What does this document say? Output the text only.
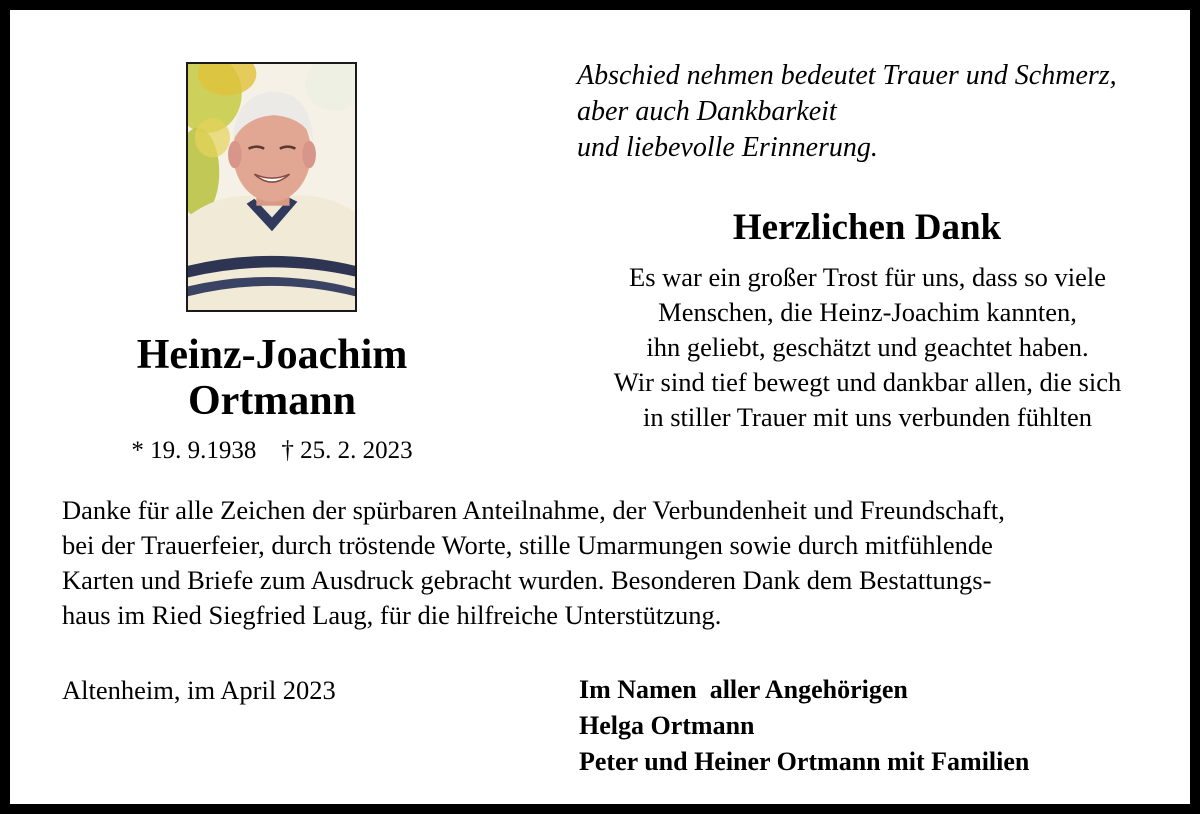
Heinz-Joachim
Ortmann
* 19. 9.1938    † 25. 2. 2023
Abschied nehmen bedeutet Trauer und Schmerz,
aber auch Dankbarkeit
und liebevolle Erinnerung.
Herzlichen Dank
Es war ein großer Trost für uns, dass so viele
Menschen, die Heinz-Joachim kannten,
ihn geliebt, geschätzt und geachtet haben.
Wir sind tief bewegt und dankbar allen, die sich
in stiller Trauer mit uns verbunden fühlten
Danke für alle Zeichen der spürbaren Anteilnahme, der Verbundenheit und Freundschaft,
bei der Trauerfeier, durch tröstende Worte, stille Umarmungen sowie durch mitfühlende
Karten und Briefe zum Ausdruck gebracht wurden. Besonderen Dank dem Bestattungs-
haus im Ried Siegfried Laug, für die hilfreiche Unterstützung.
Altenheim, im April 2023	Im Namen  aller Angehörigen
Helga Ortmann
Peter und Heiner Ortmann mit Familien
